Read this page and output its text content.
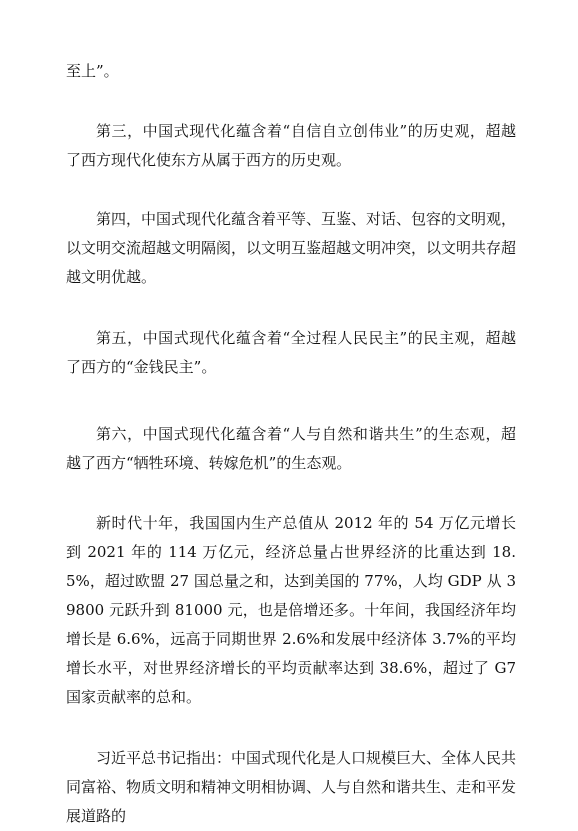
至上”。

第三，中国式现代化蕴含着“自信自立创伟业”的历史观，超越了西方现代化使东方从属于西方的历史观。

第四，中国式现代化蕴含着平等、互鉴、对话、包容的文明观，以文明交流超越文明隔阂，以文明互鉴超越文明冲突，以文明共存超越文明优越。

第五，中国式现代化蕴含着“全过程人民民主”的民主观，超越了西方的“金钱民主”。

第六，中国式现代化蕴含着“人与自然和谐共生”的生态观，超越了西方“牺牲环境、转嫁危机”的生态观。

新时代十年，我国国内生产总值从 2012 年的 54 万亿元增长到 2021 年的 114 万亿元，经济总量占世界经济的比重达到 18.5%，超过欧盟 27 国总量之和，达到美国的 77%，人均 GDP 从 39800 元跃升到 81000 元，也是倍增还多。十年间，我国经济年均增长是 6.6%，远高于同期世界 2.6%和发展中经济体 3.7%的平均增长水平，对世界经济增长的平均贡献率达到 38.6%，超过了 G7 国家贡献率的总和。

习近平总书记指出：中国式现代化是人口规模巨大、全体人民共同富裕、物质文明和精神文明相协调、人与自然和谐共生、走和平发展道路的
